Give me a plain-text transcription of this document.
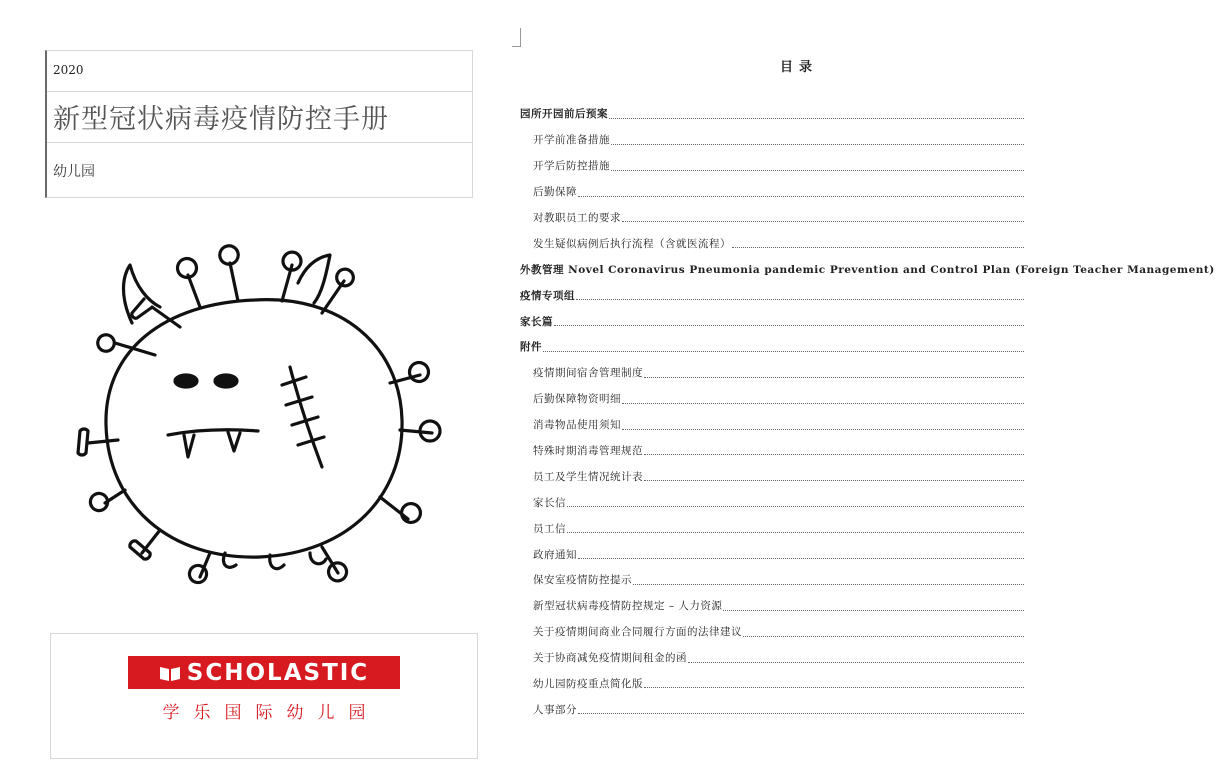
2020
新型冠状病毒疫情防控手册
幼儿园
SCHOLASTIC
学乐国际幼儿园
目录
园所开园前后预案
开学前准备措施
开学后防控措施
后勤保障
对教职员工的要求
发生疑似病例后执行流程（含就医流程）
外教管理 Novel Coronavirus Pneumonia pandemic Prevention and Control Plan (Foreign Teacher Management)
疫情专项组
家长篇
附件
疫情期间宿舍管理制度
后勤保障物资明细
消毒物品使用须知
特殊时期消毒管理规范
员工及学生情况统计表
家长信
员工信
政府通知
保安室疫情防控提示
新型冠状病毒疫情防控规定 – 人力资源
关于疫情期间商业合同履行方面的法律建议
关于协商减免疫情期间租金的函
幼儿园防疫重点简化版
人事部分
